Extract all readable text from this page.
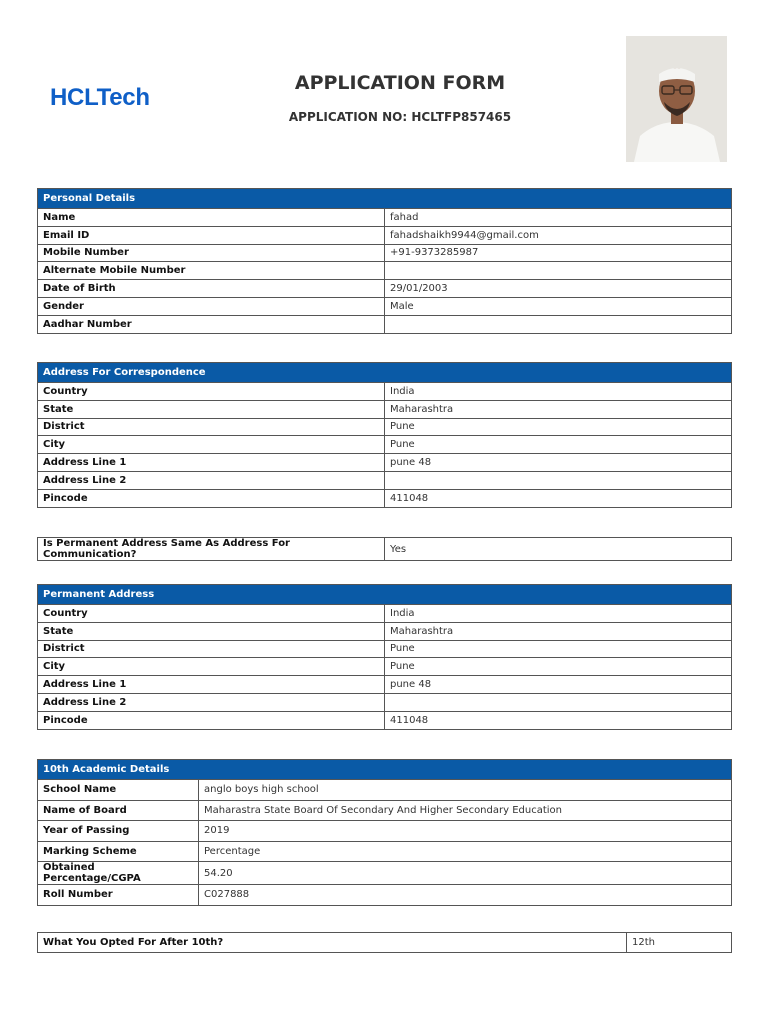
HCLTech
APPLICATION FORM
APPLICATION NO: HCLTFP857465
Personal Details	
Name	fahad
Email ID	fahadshaikh9944@gmail.com
Mobile Number	+91-9373285987
Alternate Mobile Number	
Date of Birth	29/01/2003
Gender	Male
Aadhar Number	
Address For Correspondence	
Country	India
State	Maharashtra
District	Pune
City	Pune
Address Line 1	pune 48
Address Line 2	
Pincode	411048
Is Permanent Address Same As Address For Communication?	Yes
Permanent Address	
Country	India
State	Maharashtra
District	Pune
City	Pune
Address Line 1	pune 48
Address Line 2	
Pincode	411048
10th Academic Details	
School Name	anglo boys high school
Name of Board	Maharastra State Board Of Secondary And Higher Secondary Education
Year of Passing	2019
Marking Scheme	Percentage
Obtained Percentage/CGPA	54.20
Roll Number	C027888
What You Opted For After 10th?	12th
